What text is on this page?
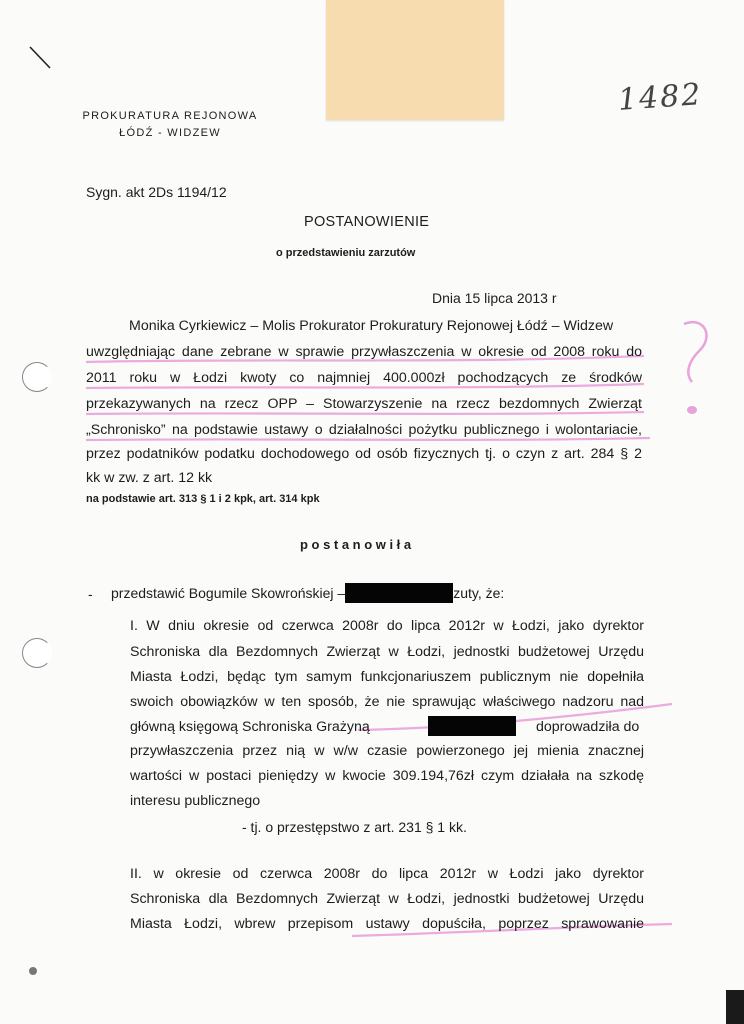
1482
PROKURATURA REJONOWA
ŁÓDŹ - WIDZEW

Sygn. akt 2Ds 1194/12

POSTANOWIENIE

o przedstawieniu zarzutów

Dnia 15 lipca 2013 r

Monika Cyrkiewicz – Molis Prokurator Prokuratury Rejonowej Łódź – Widzew

uwzględniając dane zebrane w sprawie przywłaszczenia w okresie od 2008 roku do

2011 roku w Łodzi kwoty co najmniej 400.000zł pochodzących ze środków

przekazywanych na rzecz OPP – Stowarzyszenie na rzecz bezdomnych Zwierząt

„Schronisko” na podstawie ustawy o działalności pożytku publicznego i wolontariacie,

przez podatników podatku dochodowego od osób fizycznych tj. o czyn z art. 284 § 2

kk w zw. z art. 12 kk

na podstawie art. 313 § 1 i 2 kpk, art. 314 kpk

postanowiła

- przedstawić Bogumile Skowrońskiej –	zuty, że:

I. W dniu okresie od czerwca 2008r do lipca 2012r w Łodzi, jako dyrektor

Schroniska dla Bezdomnych Zwierząt w Łodzi, jednostki budżetowej Urzędu

Miasta Łodzi, będąc tym samym funkcjonariuszem publicznym nie dopełniła

swoich obowiązków w ten sposób, że nie sprawując właściwego nadzoru nad

główną księgową Schroniska Grażyną	doprowadziła do

przywłaszczenia przez nią w w/w czasie powierzonego jej mienia znacznej

wartości w postaci pieniędzy w kwocie 309.194,76zł czym działała na szkodę

interesu publicznego

- tj. o przestępstwo z art. 231 § 1 kk.

II. w okresie od czerwca 2008r do lipca 2012r w Łodzi jako dyrektor

Schroniska dla Bezdomnych Zwierząt w Łodzi, jednostki budżetowej Urzędu

Miasta Łodzi, wbrew przepisom ustawy dopuściła, poprzez sprawowanie
